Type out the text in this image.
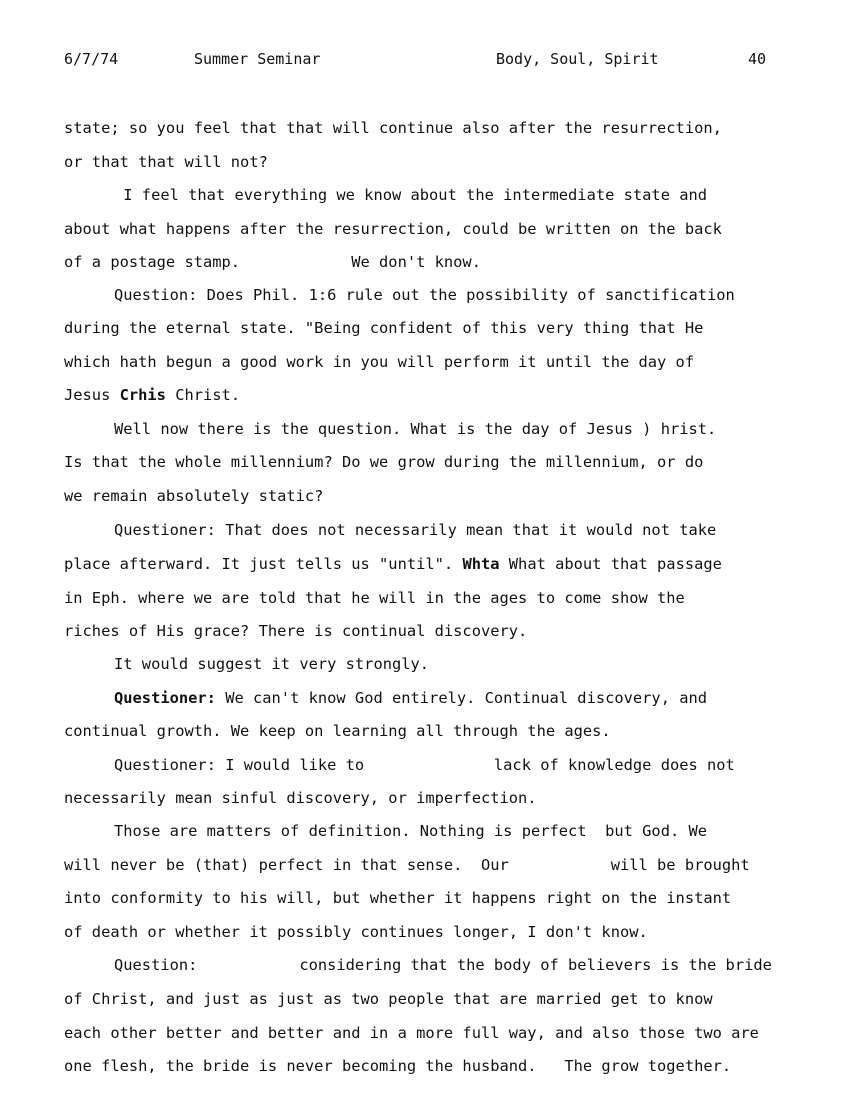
6/7/74	Summer Seminar	Body, Soul, Spirit	40
state; so you feel that that will continue also after the resurrection,
or that that will not?
I feel that everything we know about the intermediate state and
about what happens after the resurrection, could be written on the back
of a postage stamp.            We don't know.
Question: Does Phil. 1:6 rule out the possibility of sanctification
during the eternal state. "Being confident of this very thing that He
which hath begun a good work in you will perform it until the day of
Jesus Crhis Christ.
Well now there is the question. What is the day of Jesus ) hrist.
Is that the whole millennium? Do we grow during the millennium, or do
we remain absolutely static?
Questioner: That does not necessarily mean that it would not take
place afterward. It just tells us "until". Whta What about that passage
in Eph. where we are told that he will in the ages to come show the
riches of His grace? There is continual discovery.
It would suggest it very strongly.
Questioner: We can't know God entirely. Continual discovery, and
continual growth. We keep on learning all through the ages.
Questioner: I would like to              lack of knowledge does not
necessarily mean sinful discovery, or imperfection.
Those are matters of definition. Nothing is perfect  but God. We
will never be (that) perfect in that sense.  Our           will be brought
into conformity to his will, but whether it happens right on the instant
of death or whether it possibly continues longer, I don't know.
Question:           considering that the body of believers is the bride
of Christ, and just as just as two people that are married get to know
each other better and better and in a more full way, and also those two are
one flesh, the bride is never becoming the husband.   The grow together.
